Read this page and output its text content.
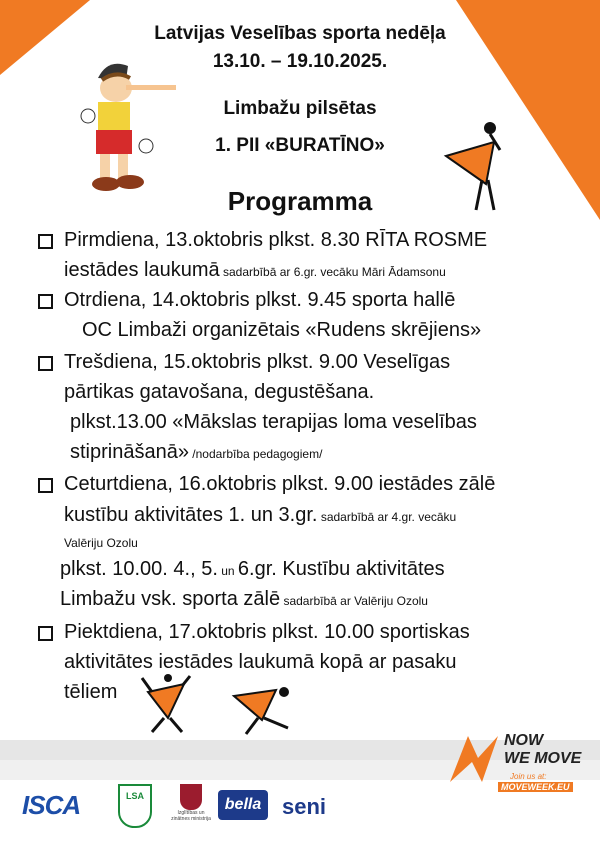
Latvijas Veselības sporta nedēļa
13.10. – 19.10.2025.
Limbažu pilsētas
1. PII «BURATĪNO»
Programma
Pirmdiena, 13.oktobris plkst. 8.30 RĪTA ROSME
iestādes laukumā sadarbībā ar 6.gr. vecāku Māri Ādamsonu
Otrdiena, 14.oktobris plkst. 9.45 sporta hallē
OC Limbaži organizētais «Rudens skrējiens»
Trešdiena, 15.oktobris plkst. 9.00 Veselīgas
pārtikas gatavošana, degustēšana.
plkst.13.00 «Mākslas terapijas loma veselības
stiprināšanā» /nodarbība pedagogiem/
Ceturtdiena, 16.oktobris plkst. 9.00 iestādes zālē
kustību aktivitātes 1. un 3.gr. sadarbībā ar 4.gr. vecāku
Valēriju Ozolu
plkst. 10.00. 4., 5. un 6.gr. Kustību aktivitātes
Limbažu vsk. sporta zālē sadarbībā ar Valēriju Ozolu
Piektdiena, 17.oktobris plkst. 10.00 sportiskas
aktivitātes iestādes laukumā kopā ar pasaku
tēliem
NOW
WE MOVE
Join us at:
MOVEWEEK.EU
ISCA	LSA
Izglītības un zinātnes ministrija
bella seni
